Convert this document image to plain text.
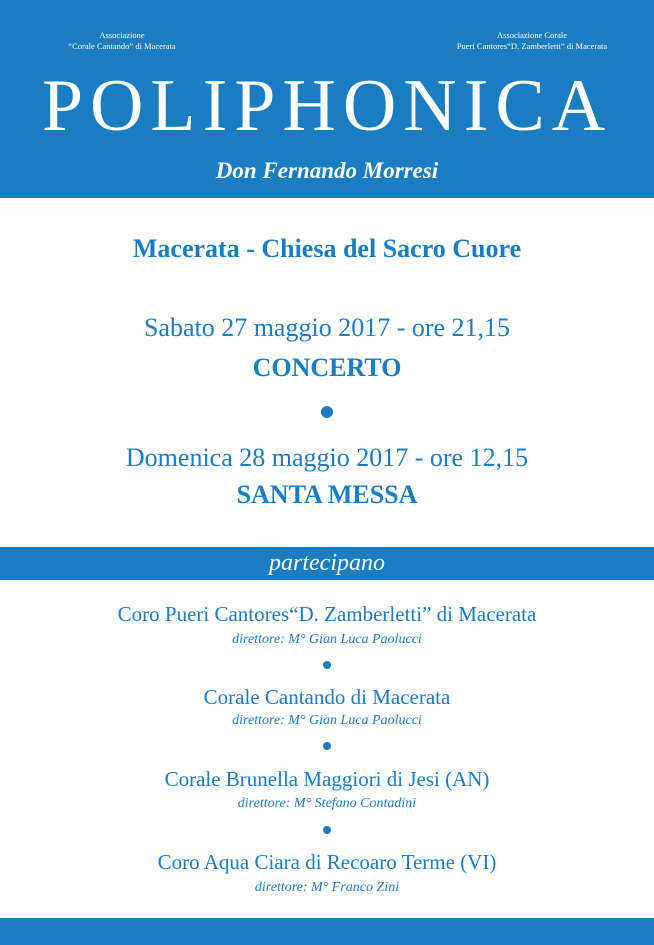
Associazione
“Corale Cantando” di Macerata
Associazione Corale
Pueri Cantores“D. Zamberletti” di Macerata
POLIPHONICA
Don Fernando Morresi
Macerata - Chiesa del Sacro Cuore
Sabato 27 maggio 2017 - ore 21,15
CONCERTO
Domenica 28 maggio 2017 - ore 12,15
SANTA MESSA
partecipano
Coro Pueri Cantores“D. Zamberletti” di Macerata
direttore: M° Gian Luca Paolucci
Corale Cantando di Macerata
direttore: M° Gian Luca Paolucci
Corale Brunella Maggiori di Jesi (AN)
direttore: M° Stefano Contadini
Coro Aqua Ciara di Recoaro Terme (VI)
direttore: M° Franco Zini
